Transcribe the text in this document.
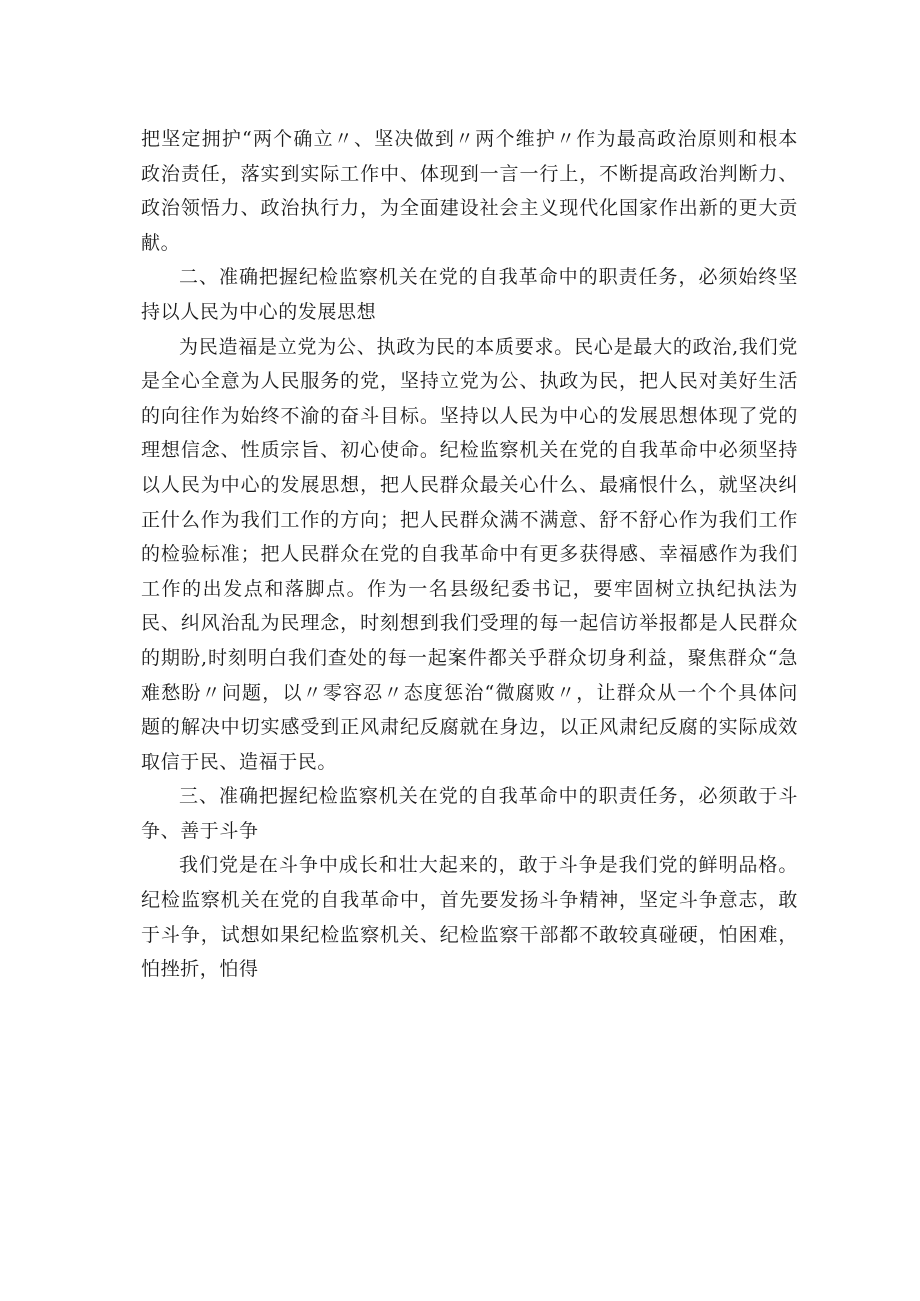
把坚定拥护“两个确立〃、坚决做到〃两个维护〃作为最高政治原则和根本政治责任，落实到实际工作中、体现到一言一行上，不断提高政治判断力、政治领悟力、政治执行力，为全面建设社会主义现代化国家作出新的更大贡献。

二、准确把握纪检监察机关在党的自我革命中的职责任务，必须始终坚持以人民为中心的发展思想

为民造福是立党为公、执政为民的本质要求。民心是最大的政治,我们党是全心全意为人民服务的党，坚持立党为公、执政为民，把人民对美好生活的向往作为始终不渝的奋斗目标。坚持以人民为中心的发展思想体现了党的理想信念、性质宗旨、初心使命。纪检监察机关在党的自我革命中必须坚持以人民为中心的发展思想，把人民群众最关心什么、最痛恨什么，就坚决纠正什么作为我们工作的方向；把人民群众满不满意、舒不舒心作为我们工作的检验标准；把人民群众在党的自我革命中有更多获得感、幸福感作为我们工作的出发点和落脚点。作为一名县级纪委书记，要牢固树立执纪执法为民、纠风治乱为民理念，时刻想到我们受理的每一起信访举报都是人民群众的期盼,时刻明白我们查处的每一起案件都关乎群众切身利益，聚焦群众“急难愁盼〃问题，以〃零容忍〃态度惩治“微腐败〃，让群众从一个个具体问题的解决中切实感受到正风肃纪反腐就在身边，以正风肃纪反腐的实际成效取信于民、造福于民。

三、准确把握纪检监察机关在党的自我革命中的职责任务，必须敢于斗争、善于斗争

我们党是在斗争中成长和壮大起来的，敢于斗争是我们党的鲜明品格。纪检监察机关在党的自我革命中，首先要发扬斗争精神，坚定斗争意志，敢于斗争，试想如果纪检监察机关、纪检监察干部都不敢较真碰硬，怕困难，怕挫折，怕得
